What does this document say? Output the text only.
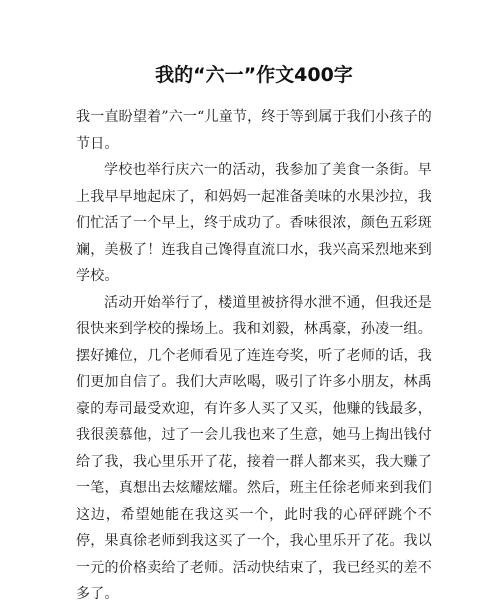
我的“六一”作文400字

我一直盼望着”六一“儿童节，终于等到属于我们小孩子的节日。

学校也举行庆六一的活动，我参加了美食一条街。早上我早早地起床了，和妈妈一起准备美味的水果沙拉，我们忙活了一个早上，终于成功了。香味很浓，颜色五彩斑斓，美极了！连我自己馋得直流口水，我兴高采烈地来到学校。

活动开始举行了，楼道里被挤得水泄不通，但我还是很快来到学校的操场上。我和刘毅，林禹豪，孙凌一组。摆好摊位，几个老师看见了连连夸奖，听了老师的话，我们更加自信了。我们大声吆喝，吸引了许多小朋友，林禹豪的寿司最受欢迎，有许多人买了又买，他赚的钱最多，我很羡慕他，过了一会儿我也来了生意，她马上掏出钱付给了我，我心里乐开了花，接着一群人都来买，我大赚了一笔，真想出去炫耀炫耀。然后，班主任徐老师来到我们这边，希望她能在我这买一个，此时我的心砰砰跳个不停，果真徐老师到我这买了一个，我心里乐开了花。我以一元的价格卖给了老师。活动快结束了，我已经买的差不多了。
